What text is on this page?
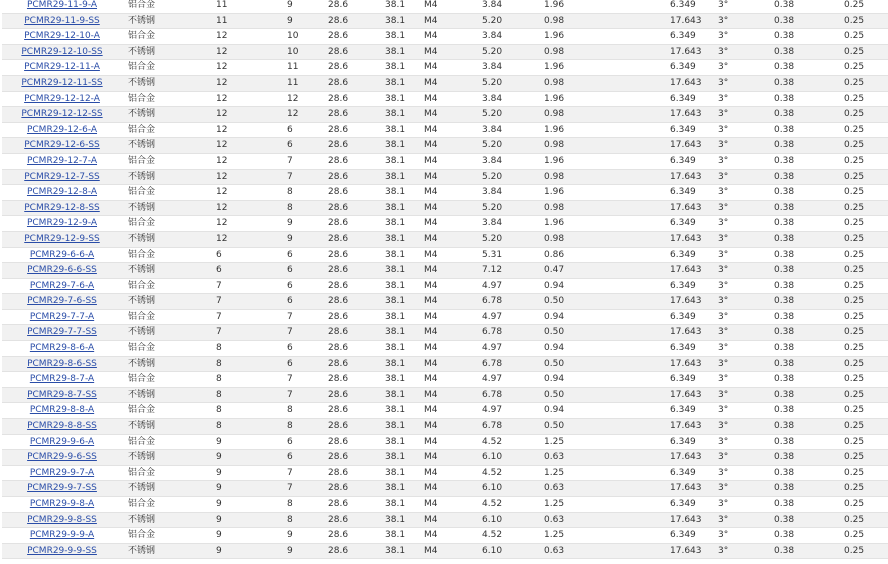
PCMR29-11-9-A	铝合金	11	9	28.6	38.1	M4	3.84	1.96	6.349	3°	0.38	0.25
PCMR29-11-9-SS	不锈钢	11	9	28.6	38.1	M4	5.20	0.98	17.643	3°	0.38	0.25
PCMR29-12-10-A	铝合金	12	10	28.6	38.1	M4	3.84	1.96	6.349	3°	0.38	0.25
PCMR29-12-10-SS	不锈钢	12	10	28.6	38.1	M4	5.20	0.98	17.643	3°	0.38	0.25
PCMR29-12-11-A	铝合金	12	11	28.6	38.1	M4	3.84	1.96	6.349	3°	0.38	0.25
PCMR29-12-11-SS	不锈钢	12	11	28.6	38.1	M4	5.20	0.98	17.643	3°	0.38	0.25
PCMR29-12-12-A	铝合金	12	12	28.6	38.1	M4	3.84	1.96	6.349	3°	0.38	0.25
PCMR29-12-12-SS	不锈钢	12	12	28.6	38.1	M4	5.20	0.98	17.643	3°	0.38	0.25
PCMR29-12-6-A	铝合金	12	6	28.6	38.1	M4	3.84	1.96	6.349	3°	0.38	0.25
PCMR29-12-6-SS	不锈钢	12	6	28.6	38.1	M4	5.20	0.98	17.643	3°	0.38	0.25
PCMR29-12-7-A	铝合金	12	7	28.6	38.1	M4	3.84	1.96	6.349	3°	0.38	0.25
PCMR29-12-7-SS	不锈钢	12	7	28.6	38.1	M4	5.20	0.98	17.643	3°	0.38	0.25
PCMR29-12-8-A	铝合金	12	8	28.6	38.1	M4	3.84	1.96	6.349	3°	0.38	0.25
PCMR29-12-8-SS	不锈钢	12	8	28.6	38.1	M4	5.20	0.98	17.643	3°	0.38	0.25
PCMR29-12-9-A	铝合金	12	9	28.6	38.1	M4	3.84	1.96	6.349	3°	0.38	0.25
PCMR29-12-9-SS	不锈钢	12	9	28.6	38.1	M4	5.20	0.98	17.643	3°	0.38	0.25
PCMR29-6-6-A	铝合金	6	6	28.6	38.1	M4	5.31	0.86	6.349	3°	0.38	0.25
PCMR29-6-6-SS	不锈钢	6	6	28.6	38.1	M4	7.12	0.47	17.643	3°	0.38	0.25
PCMR29-7-6-A	铝合金	7	6	28.6	38.1	M4	4.97	0.94	6.349	3°	0.38	0.25
PCMR29-7-6-SS	不锈钢	7	6	28.6	38.1	M4	6.78	0.50	17.643	3°	0.38	0.25
PCMR29-7-7-A	铝合金	7	7	28.6	38.1	M4	4.97	0.94	6.349	3°	0.38	0.25
PCMR29-7-7-SS	不锈钢	7	7	28.6	38.1	M4	6.78	0.50	17.643	3°	0.38	0.25
PCMR29-8-6-A	铝合金	8	6	28.6	38.1	M4	4.97	0.94	6.349	3°	0.38	0.25
PCMR29-8-6-SS	不锈钢	8	6	28.6	38.1	M4	6.78	0.50	17.643	3°	0.38	0.25
PCMR29-8-7-A	铝合金	8	7	28.6	38.1	M4	4.97	0.94	6.349	3°	0.38	0.25
PCMR29-8-7-SS	不锈钢	8	7	28.6	38.1	M4	6.78	0.50	17.643	3°	0.38	0.25
PCMR29-8-8-A	铝合金	8	8	28.6	38.1	M4	4.97	0.94	6.349	3°	0.38	0.25
PCMR29-8-8-SS	不锈钢	8	8	28.6	38.1	M4	6.78	0.50	17.643	3°	0.38	0.25
PCMR29-9-6-A	铝合金	9	6	28.6	38.1	M4	4.52	1.25	6.349	3°	0.38	0.25
PCMR29-9-6-SS	不锈钢	9	6	28.6	38.1	M4	6.10	0.63	17.643	3°	0.38	0.25
PCMR29-9-7-A	铝合金	9	7	28.6	38.1	M4	4.52	1.25	6.349	3°	0.38	0.25
PCMR29-9-7-SS	不锈钢	9	7	28.6	38.1	M4	6.10	0.63	17.643	3°	0.38	0.25
PCMR29-9-8-A	铝合金	9	8	28.6	38.1	M4	4.52	1.25	6.349	3°	0.38	0.25
PCMR29-9-8-SS	不锈钢	9	8	28.6	38.1	M4	6.10	0.63	17.643	3°	0.38	0.25
PCMR29-9-9-A	铝合金	9	9	28.6	38.1	M4	4.52	1.25	6.349	3°	0.38	0.25
PCMR29-9-9-SS	不锈钢	9	9	28.6	38.1	M4	6.10	0.63	17.643	3°	0.38	0.25
